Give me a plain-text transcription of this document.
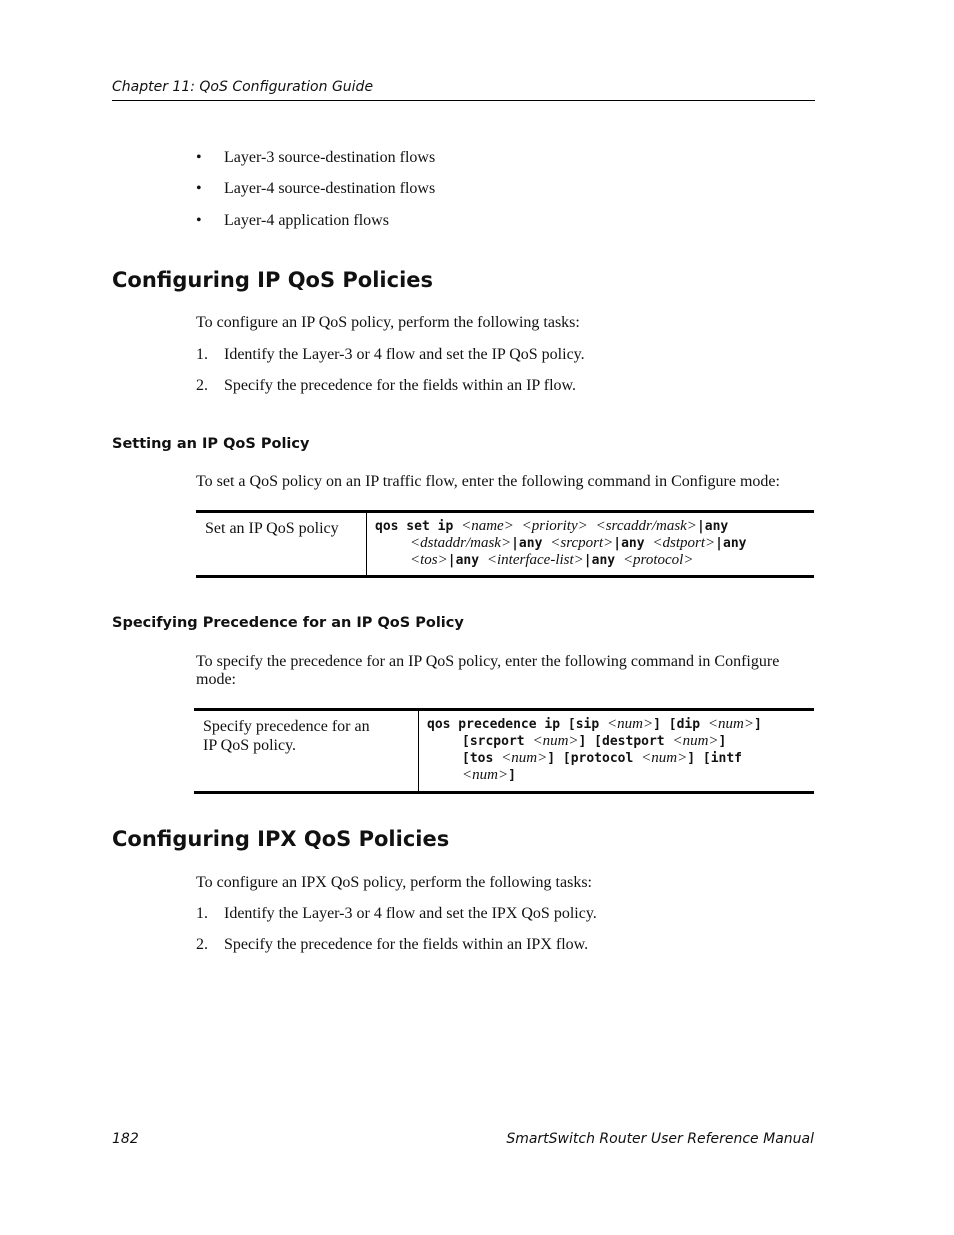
Chapter 11: QoS Configuration Guide
• Layer-3 source-destination flows
• Layer-4 source-destination flows
• Layer-4 application flows
Configuring IP QoS Policies
To configure an IP QoS policy, perform the following tasks:
1. Identify the Layer-3 or 4 flow and set the IP QoS policy.
2. Specify the precedence for the fields within an IP flow.
Setting an IP QoS Policy
To set a QoS policy on an IP traffic flow, enter the following command in Configure mode:
Set an IP QoS policy	qos set ip <name> <priority> <srcaddr/mask>|any
<dstaddr/mask>|any <srcport>|any <dstport>|any
<tos>|any <interface-list>|any <protocol>
Specifying Precedence for an IP QoS Policy
To specify the precedence for an IP QoS policy, enter the following command in Configure
mode:
Specify precedence for an
IP QoS policy.
qos precedence ip [sip <num>] [dip <num>]
[srcport <num>] [destport <num>]
[tos <num>] [protocol <num>] [intf
<num>]
Configuring IPX QoS Policies
To configure an IPX QoS policy, perform the following tasks:
1. Identify the Layer-3 or 4 flow and set the IPX QoS policy.
2. Specify the precedence for the fields within an IPX flow.
182	SmartSwitch Router User Reference Manual
